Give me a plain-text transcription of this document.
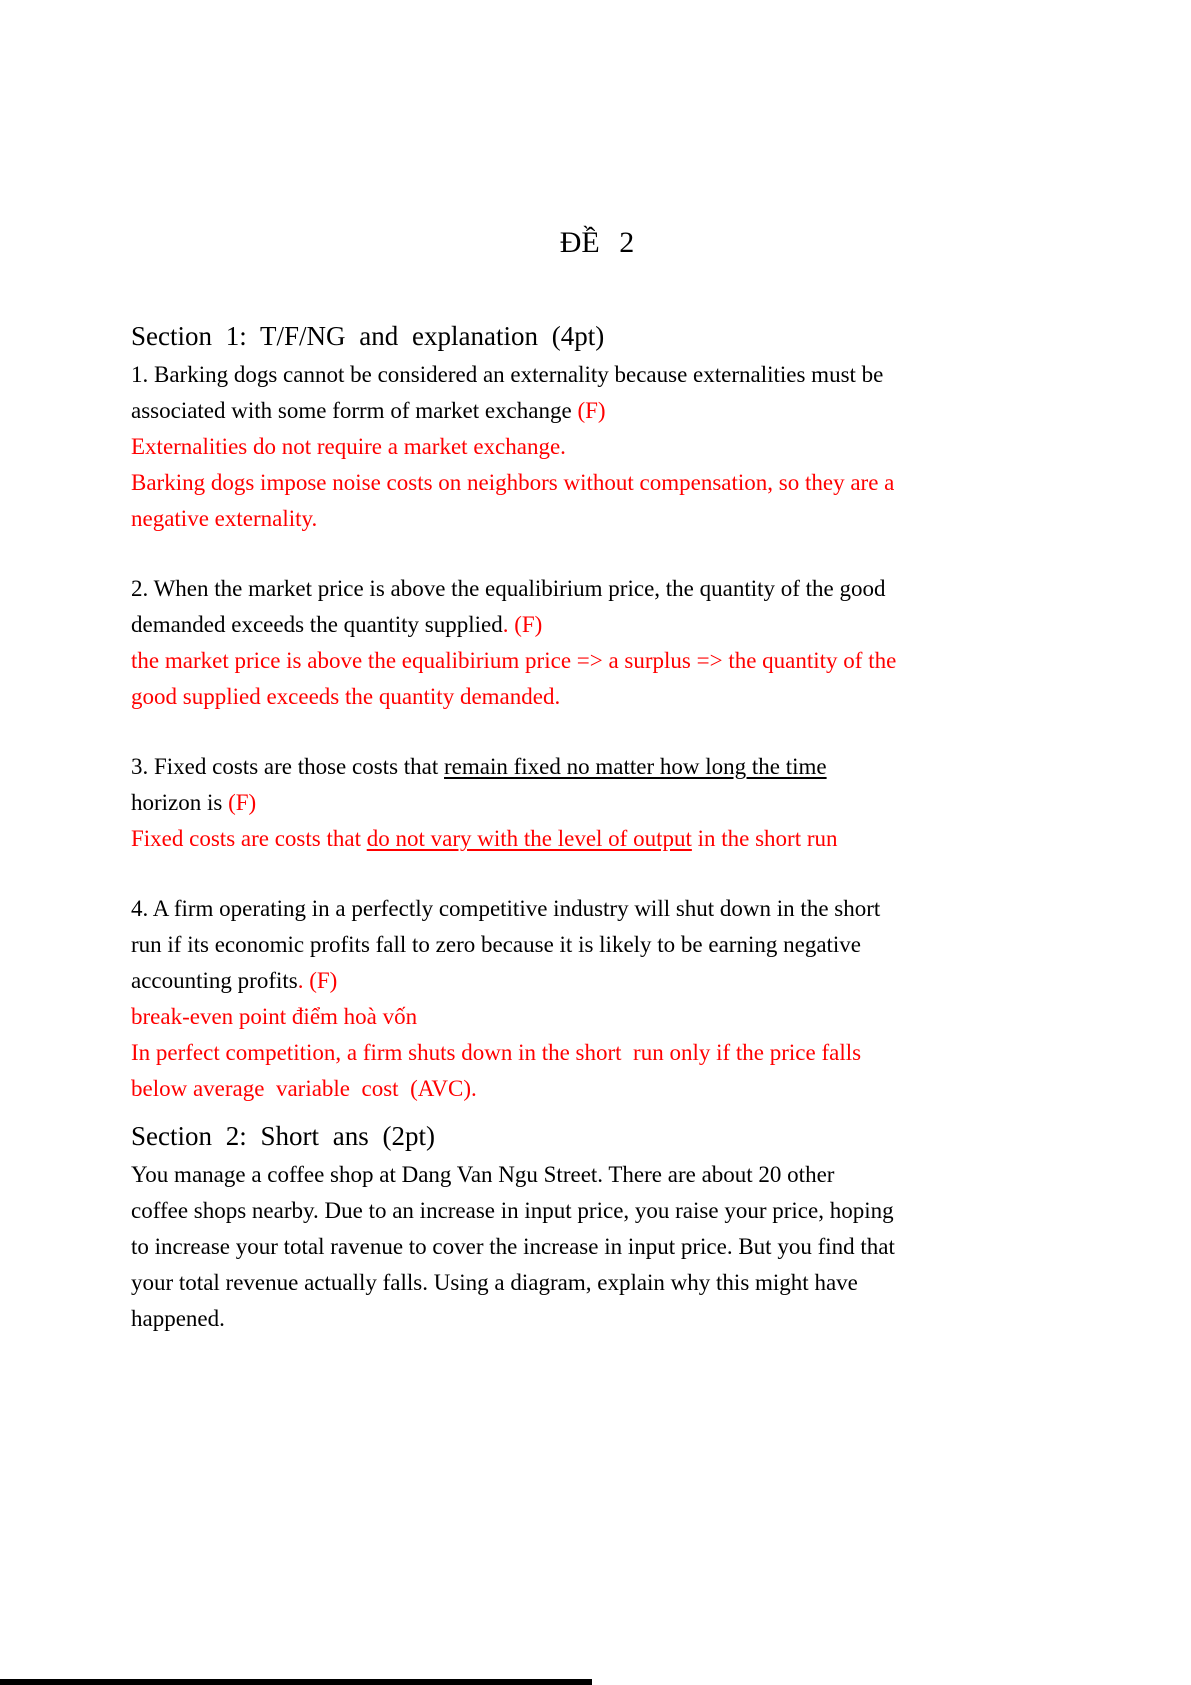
ĐỀ 2
Section 1: T/F/NG and explanation (4pt)
1. Barking dogs cannot be considered an externality because externalities must be
associated with some forrm of market exchange (F)
Externalities do not require a market exchange.
Barking dogs impose noise costs on neighbors without compensation, so they are a
negative externality.
2. When the market price is above the equalibirium price, the quantity of the good
demanded exceeds the quantity supplied. (F)
the market price is above the equalibirium price => a surplus => the quantity of the
good supplied exceeds the quantity demanded.
3. Fixed costs are those costs that remain fixed no matter how long the time
horizon is (F)
Fixed costs are costs that do not vary with the level of output in the short run
4. A firm operating in a perfectly competitive industry will shut down in the short
run if its economic profits fall to zero because it is likely to be earning negative
accounting profits. (F)
break-even point điểm hoà vốn
In perfect competition, a firm shuts down in the short  run only if the price falls
below average  variable  cost  (AVC).
Section 2: Short ans (2pt)
You manage a coffee shop at Dang Van Ngu Street. There are about 20 other
coffee shops nearby. Due to an increase in input price, you raise your price, hoping
to increase your total ravenue to cover the increase in input price. But you find that
your total revenue actually falls. Using a diagram, explain why this might have
happened.
